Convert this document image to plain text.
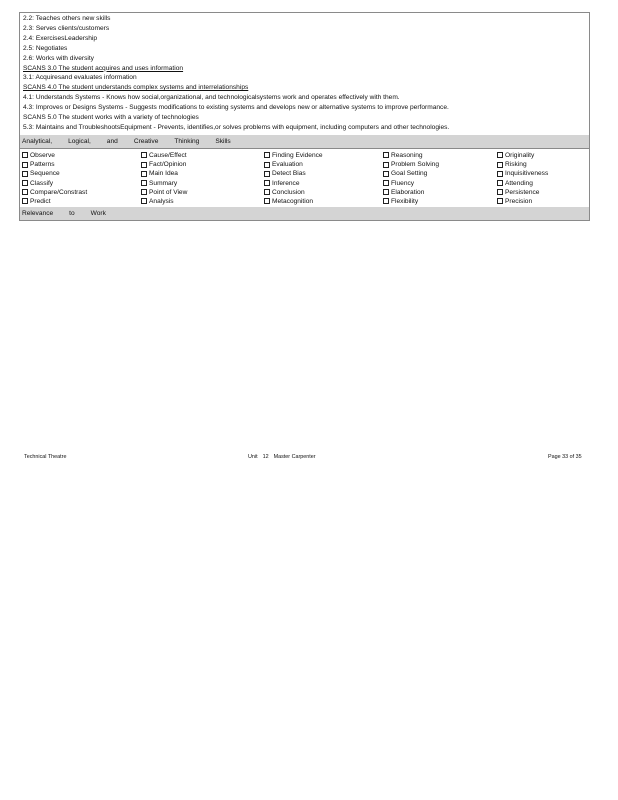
2.2: Teaches others new skills
2.3: Serves clients/customers
2.4: ExercisesLeadership
2.5: Negotiates
2.6: Works with diversity
SCANS 3.0 The student acquires and uses information
3.1: Acquiresand evaluates information
SCANS 4.0 The student understands complex systems and interrelationships
4.1: Understands Systems - Knows how social,organizational, and technologicalsystems work and operates effectively with them.
4.3: Improves or Designs Systems - Suggests modifications to existing systems and develops new or alternative systems to improve performance.
SCANS 5.0 The student works with a variety of technologies
5.3: Maintains and TroubleshootsEquipment - Prevents, identifies,or solves problems with equipment, including computers and other technologies.
Analytical, Logical, and Creative Thinking Skills
Observe
Patterns
Sequence
Classify
Compare/Constrast
Predict
Cause/Effect
Fact/Opinion
Main Idea
Summary
Point of View
Analysis
Finding Evidence
Evaluation
Detect Bias
Inference
Conclusion
Metacognition
Reasoning
Problem Solving
Goal Setting
Fluency
Elaboration
Flexibility
Originality
Risking
Inquisitiveness
Attending
Persistence
Precision
Relevance to Work
Technical Theatre	Unit 12 Master Carpenter	Page 33 of 35
